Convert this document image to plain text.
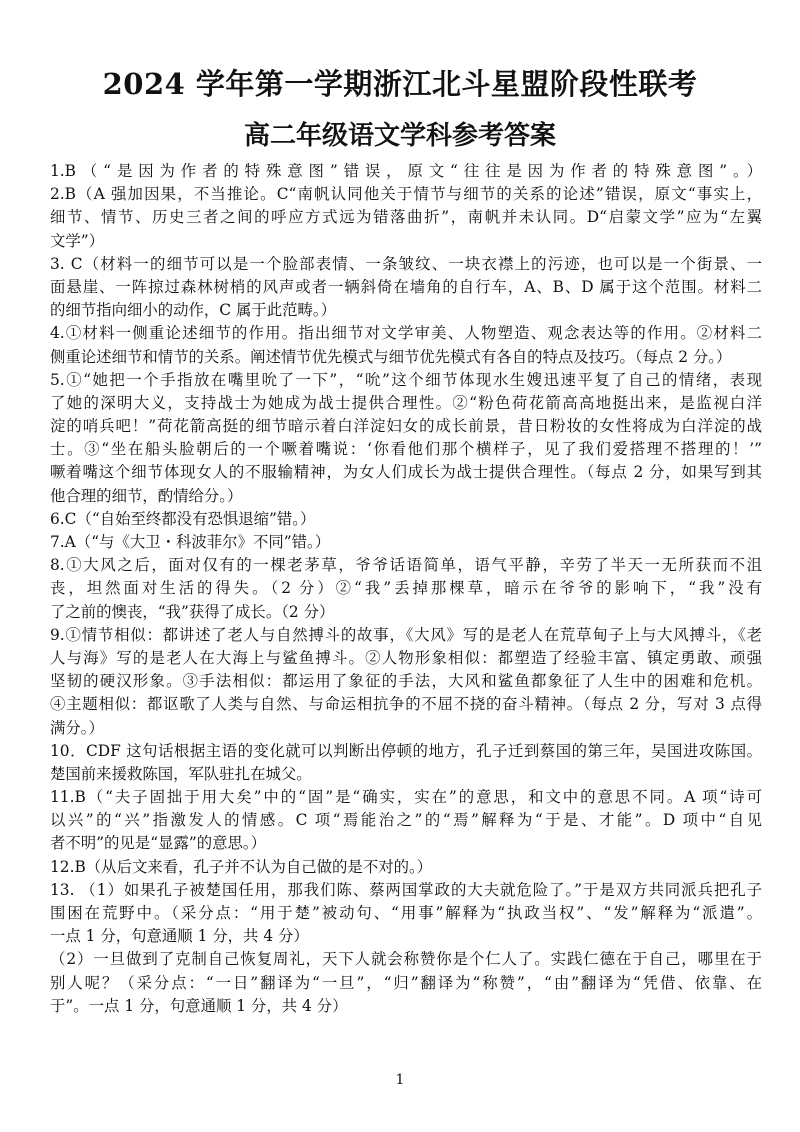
2024 学年第一学期浙江北斗星盟阶段性联考
高二年级语文学科参考答案
1.B（“是因为作者的特殊意图”错误，原文“往往是因为作者的特殊意图”。）
2.B（A 强加因果，不当推论。C“南帆认同他关于情节与细节的关系的论述”错误，原文“事实上，
细节、情节、历史三者之间的呼应方式远为错落曲折”，南帆并未认同。D“启蒙文学”应为“左翼
文学”）
3. C（材料一的细节可以是一个脸部表情、一条皱纹、一块衣襟上的污迹，也可以是一个街景、一
面悬崖、一阵掠过森林树梢的风声或者一辆斜倚在墙角的自行车，A、B、D 属于这个范围。材料二
的细节指向细小的动作，C 属于此范畴。）
4.①材料一侧重论述细节的作用。指出细节对文学审美、人物塑造、观念表达等的作用。②材料二
侧重论述细节和情节的关系。阐述情节优先模式与细节优先模式有各自的特点及技巧。（每点 2 分。）
5.①“她把一个手指放在嘴里吮了一下”，“吮”这个细节体现水生嫂迅速平复了自己的情绪，表现
了她的深明大义，支持战士为她成为战士提供合理性。②“粉色荷花箭高高地挺出来，是监视白洋
淀的哨兵吧！”荷花箭高挺的细节暗示着白洋淀妇女的成长前景，昔日粉妆的女性将成为白洋淀的战
士。③“坐在船头脸朝后的一个噘着嘴说：‘你看他们那个横样子，见了我们爱搭理不搭理的！’”
噘着嘴这个细节体现女人的不服输精神，为女人们成长为战士提供合理性。（每点 2 分，如果写到其
他合理的细节，酌情给分。）
6.C（“自始至终都没有恐惧退缩”错。）
7.A（“与《大卫・科波菲尔》不同”错。）
8.①大风之后，面对仅有的一棵老茅草，爷爷话语简单，语气平静，辛劳了半天一无所获而不沮
丧，坦然面对生活的得失。（2 分）②“我”丢掉那棵草，暗示在爷爷的影响下，“我”没有
了之前的懊丧，“我”获得了成长。（2 分）
9.①情节相似：都讲述了老人与自然搏斗的故事，《大风》写的是老人在荒草甸子上与大风搏斗，《老
人与海》写的是老人在大海上与鲨鱼搏斗。②人物形象相似：都塑造了经验丰富、镇定勇敢、顽强
坚韧的硬汉形象。③手法相似：都运用了象征的手法，大风和鲨鱼都象征了人生中的困难和危机。
④主题相似：都讴歌了人类与自然、与命运相抗争的不屈不挠的奋斗精神。（每点 2 分，写对 3 点得
满分。）
10．CDF 这句话根据主语的变化就可以判断出停顿的地方，孔子迁到蔡国的第三年，吴国进攻陈国。
楚国前来援救陈国，军队驻扎在城父。
11.B（“夫子固拙于用大矣”中的“固”是“确实，实在”的意思，和文中的意思不同。A 项“诗可
以兴”的“兴”指激发人的情感。C 项“焉能治之”的“焉”解释为“于是、才能”。D 项中“自见
者不明”的见是“显露”的意思。）
12.B（从后文来看，孔子并不认为自己做的是不对的。）
13. （1）如果孔子被楚国任用，那我们陈、蔡两国掌政的大夫就危险了。”于是双方共同派兵把孔子
围困在荒野中。（采分点：“用于楚”被动句、“用事”解释为“执政当权”、“发”解释为“派遣”。
一点 1 分，句意通顺 1 分，共 4 分）
（2）一旦做到了克制自己恢复周礼，天下人就会称赞你是个仁人了。实践仁德在于自己，哪里在于
别人呢？（采分点：“一日”翻译为“一旦”，“归”翻译为“称赞”，“由”翻译为“凭借、依靠、在
于”。一点 1 分，句意通顺 1 分，共 4 分）
1
